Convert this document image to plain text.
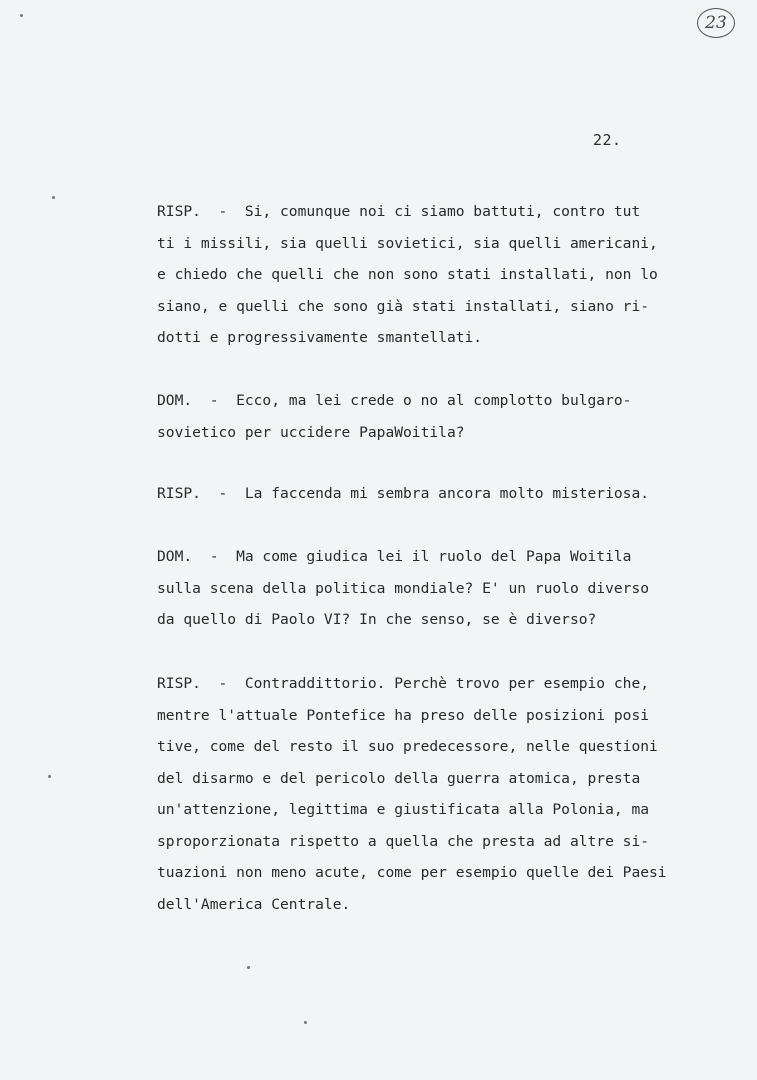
23
22.
RISP.  -  Si, comunque noi ci siamo battuti, contro tut
ti i missili, sia quelli sovietici, sia quelli americani,
e chiedo che quelli che non sono stati installati, non lo
siano, e quelli che sono già stati installati, siano ri-
dotti e progressivamente smantellati.
DOM.  -  Ecco, ma lei crede o no al complotto bulgaro-
sovietico per uccidere PapaWoitila?
RISP.  -  La faccenda mi sembra ancora molto misteriosa.
DOM.  -  Ma come giudica lei il ruolo del Papa Woitila
sulla scena della politica mondiale? E' un ruolo diverso
da quello di Paolo VI? In che senso, se è diverso?
RISP.  -  Contraddittorio. Perchè trovo per esempio che,
mentre l'attuale Pontefice ha preso delle posizioni posi
tive, come del resto il suo predecessore, nelle questioni
del disarmo e del pericolo della guerra atomica, presta
un'attenzione, legittima e giustificata alla Polonia, ma
sproporzionata rispetto a quella che presta ad altre si-
tuazioni non meno acute, come per esempio quelle dei Paesi
dell'America Centrale.
